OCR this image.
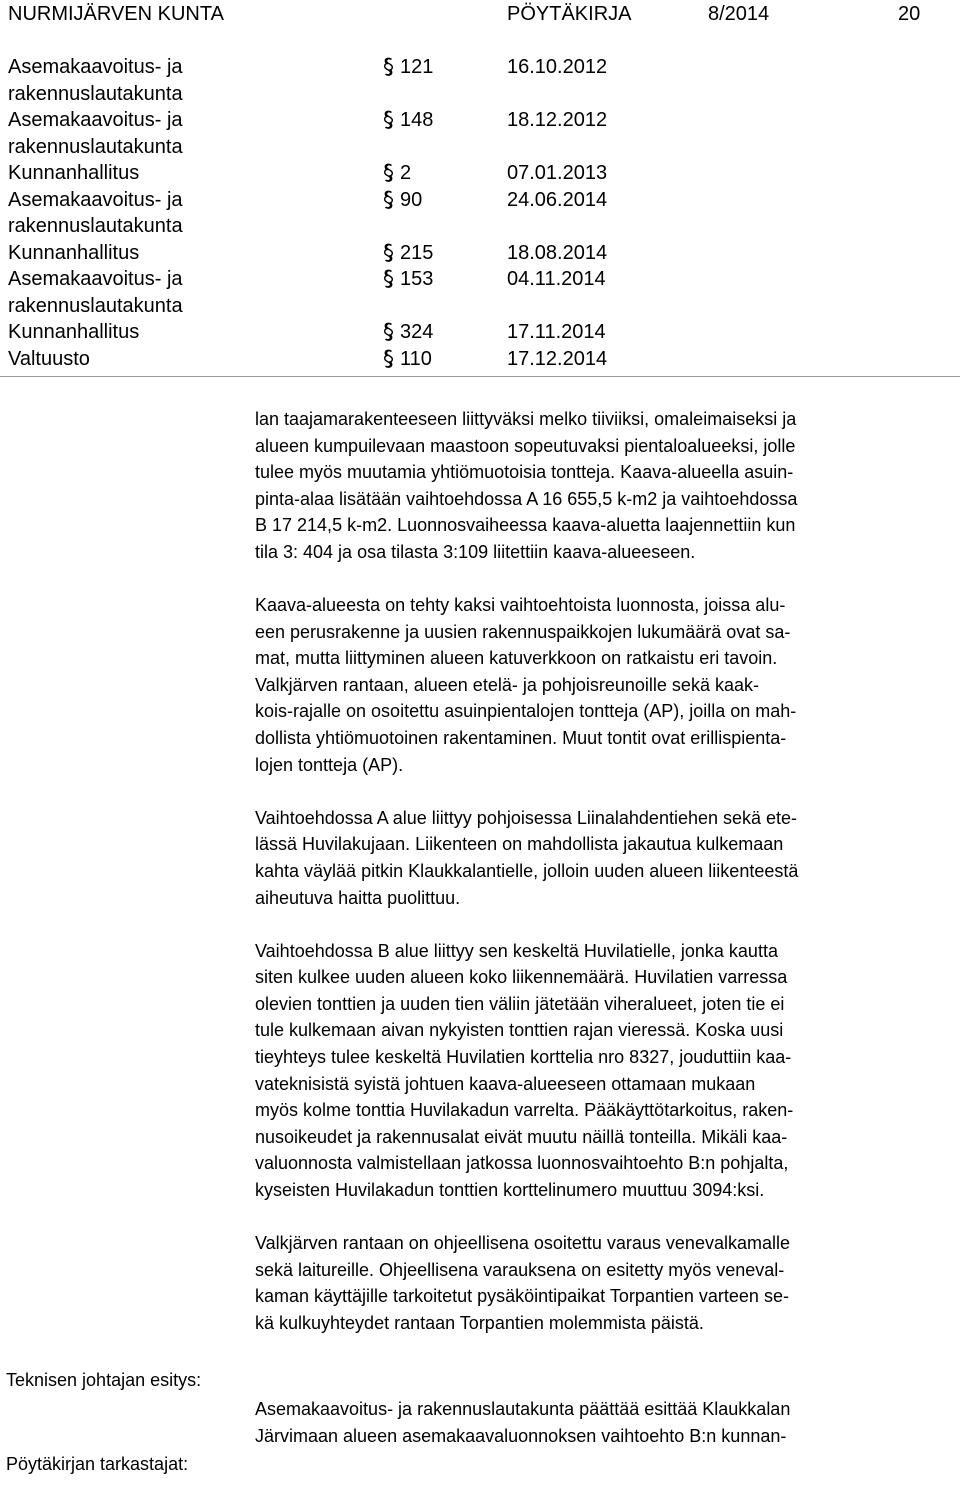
NURMIJÄRVEN KUNTA	PÖYTÄKIRJA	8/2014	20
Asemakaavoitus- ja
rakennuslautakunta
121	16.10.2012
Asemakaavoitus- ja
rakennuslautakunta
148	18.12.2012
Kunnanhallitus	2	07.01.2013
Asemakaavoitus- ja
rakennuslautakunta
90	24.06.2014
Kunnanhallitus	215	18.08.2014
Asemakaavoitus- ja
rakennuslautakunta
153	04.11.2014
Kunnanhallitus	324	17.11.2014
Valtuusto	110	17.12.2014

lan taajamarakenteeseen liittyväksi melko tiiviiksi, omaleimaiseksi ja
alueen kumpuilevaan maastoon sopeutuvaksi pientaloalueeksi, jolle
tulee myös muutamia yhtiömuotoisia tontteja. Kaava-alueella asuin-
pinta-alaa lisätään vaihtoehdossa A 16 655,5 k-m2 ja vaihtoehdossa
B 17 214,5 k-m2. Luonnosvaiheessa kaava-aluetta laajennettiin kun
tila 3: 404 ja osa tilasta 3:109 liitettiin kaava-alueeseen.

Kaava-alueesta on tehty kaksi vaihtoehtoista luonnosta, joissa alu-
een perusrakenne ja uusien rakennuspaikkojen lukumäärä ovat sa-
mat, mutta liittyminen alueen katuverkkoon on ratkaistu eri tavoin.
Valkjärven rantaan, alueen etelä- ja pohjoisreunoille sekä kaak-
kois-rajalle on osoitettu asuinpientalojen tontteja (AP), joilla on mah-
dollista yhtiömuotoinen rakentaminen. Muut tontit ovat erillispienta-
lojen tontteja (AP).

Vaihtoehdossa A alue liittyy pohjoisessa Liinalahdentiehen sekä ete-
lässä Huvilakujaan. Liikenteen on mahdollista jakautua kulkemaan
kahta väylää pitkin Klaukkalantielle, jolloin uuden alueen liikenteestä
aiheutuva haitta puolittuu.

Vaihtoehdossa B alue liittyy sen keskeltä Huvilatielle, jonka kautta
siten kulkee uuden alueen koko liikennemäärä. Huvilatien varressa
olevien tonttien ja uuden tien väliin jätetään viheralueet, joten tie ei
tule kulkemaan aivan nykyisten tonttien rajan vieressä. Koska uusi
tieyhteys tulee keskeltä Huvilatien korttelia nro 8327, jouduttiin kaa-
vateknisistä syistä johtuen kaava-alueeseen ottamaan mukaan
myös kolme tonttia Huvilakadun varrelta. Pääkäyttötarkoitus, raken-
nusoikeudet ja rakennusalat eivät muutu näillä tonteilla. Mikäli kaa-
valuonnosta valmistellaan jatkossa luonnosvaihtoehto B:n pohjalta,
kyseisten Huvilakadun tonttien korttelinumero muuttuu 3094:ksi.

Valkjärven rantaan on ohjeellisena osoitettu varaus venevalkamalle
sekä laitureille. Ohjeellisena varauksena on esitetty myös veneval-
kaman käyttäjille tarkoitetut pysäköintipaikat Torpantien varteen se-
kä kulkuyhteydet rantaan Torpantien molemmista päistä.

Teknisen johtajan esitys:
Asemakaavoitus- ja rakennuslautakunta päättää esittää Klaukkalan
Järvimaan alueen asemakaavaluonnoksen vaihtoehto B:n kunnan-
Pöytäkirjan tarkastajat:
